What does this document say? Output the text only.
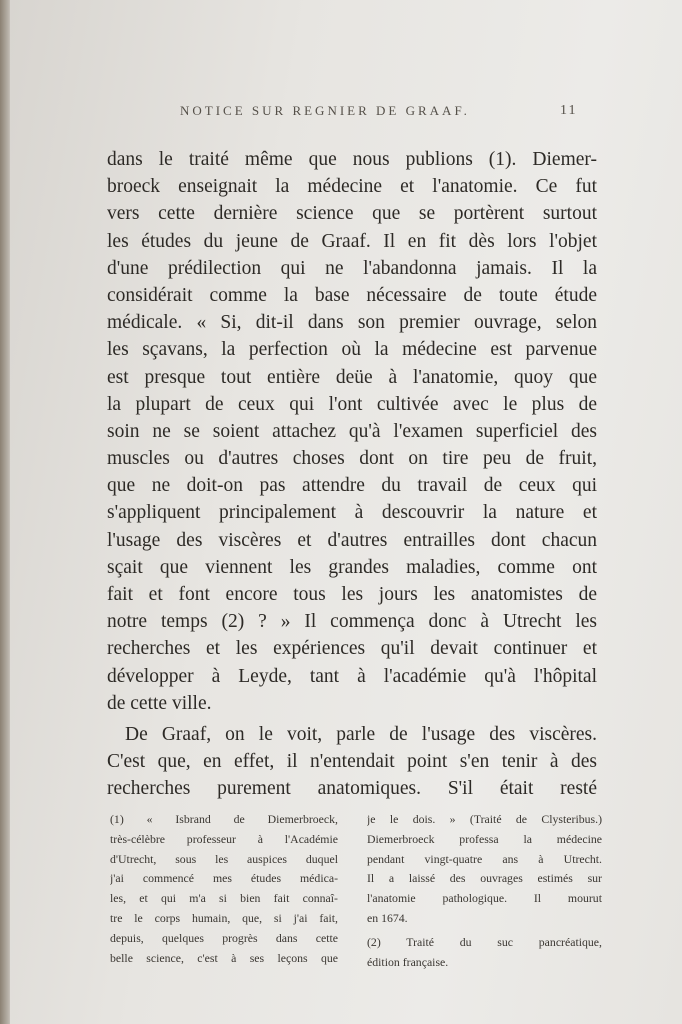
NOTICE SUR REGNIER DE GRAAF.	11
dans le traité même que nous publions (1). Diemer-
broeck enseignait la médecine et l'anatomie. Ce fut
vers cette dernière science que se portèrent surtout
les études du jeune de Graaf. Il en fit dès lors l'objet
d'une prédilection qui ne l'abandonna jamais. Il la
considérait comme la base nécessaire de toute étude
médicale. « Si, dit-il dans son premier ouvrage, selon
les sçavans, la perfection où la médecine est parvenue
est presque tout entière deüe à l'anatomie, quoy que
la plupart de ceux qui l'ont cultivée avec le plus de
soin ne se soient attachez qu'à l'examen superficiel des
muscles ou d'autres choses dont on tire peu de fruit,
que ne doit-on pas attendre du travail de ceux qui
s'appliquent principalement à descouvrir la nature et
l'usage des viscères et d'autres entrailles dont chacun
sçait que viennent les grandes maladies, comme ont
fait et font encore tous les jours les anatomistes de
notre temps (2) ? » Il commença donc à Utrecht les
recherches et les expériences qu'il devait continuer et
développer à Leyde, tant à l'académie qu'à l'hôpital
de cette ville.
De Graaf, on le voit, parle de l'usage des viscères.
C'est que, en effet, il n'entendait point s'en tenir à des
recherches purement anatomiques. S'il était resté
(1) « Isbrand de Diemerbroeck,
très-célèbre professeur à l'Académie
d'Utrecht, sous les auspices duquel
j'ai commencé mes études médica-
les, et qui m'a si bien fait connaî-
tre le corps humain, que, si j'ai fait,
depuis, quelques progrès dans cette
belle science, c'est à ses leçons que
je le dois. » (Traité de Clysteribus.)
Diemerbroeck professa la médecine
pendant vingt-quatre ans à Utrecht.
Il a laissé des ouvrages estimés sur
l'anatomie pathologique. Il mourut
en 1674.
(2) Traité du suc pancréatique,
édition française.
